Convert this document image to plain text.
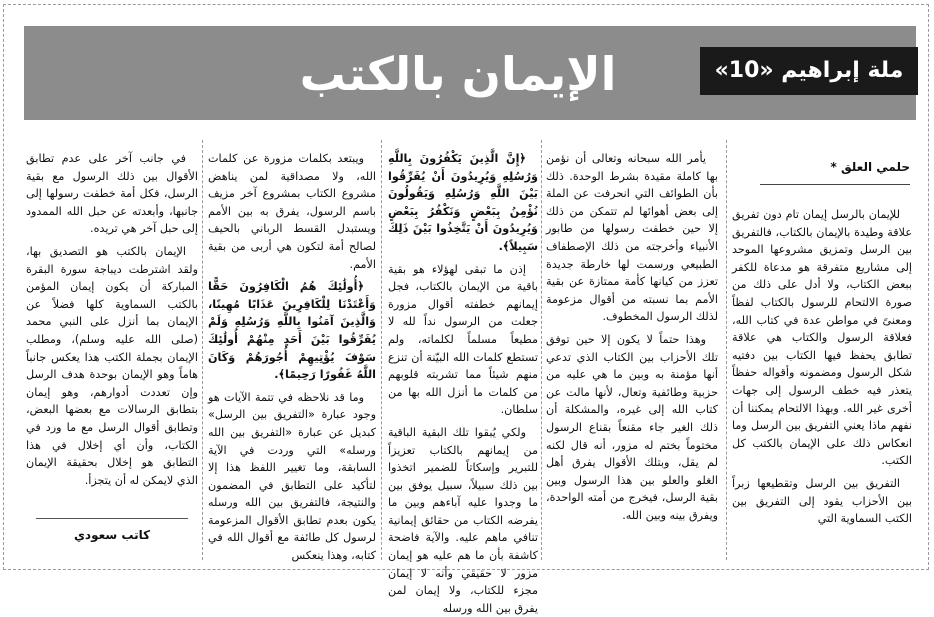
الإيمان بالكتب	ملة إبراهيم «10»
حلمي العلق *

للإيمان بالرسل إيمان تام دون تفريق علاقة وطيدة بالإيمان بالكتاب، فالتفريق بين الرسل وتمزيق مشروعها الموحد إلى مشاريع متفرقة هو مدعاة للكفر ببعض الكتاب، ولا أدل على ذلك من صورة الالتحام للرسول بالكتاب لفظاً ومعنىً في مواطن عدة في كتاب الله، فعلاقة الرسول والكتاب هي علاقة تطابق يحفظ فيها الكتاب بين دفتيه شكل الرسول ومضمونه وأقواله حفظاً يتعذر فيه خطف الرسول إلى جهات أخرى غير الله. وبهذا الالتحام يمكننا أن نفهم ماذا يعني التفريق بين الرسل وما انعكاس ذلك على الإيمان بالكتب كل الكتب.

التفريق بين الرسل وتقطيعها زبراً بين الأحزاب يقود إلى التفريق بين الكتب السماوية التي

يأمر الله سبحانه وتعالى أن نؤمن بها كاملة مقيدة بشرط الوحدة. ذلك بأن الطوائف التي انحرفت عن الملة إلى بعض أهوائها لم تتمكن من ذلك إلا حين خطفت رسولها من طابور الأنبياء وأخرجته من ذلك الإصطفاف الطبيعي ورسمت لها خارطة جديدة تعزز من كيانها كأمة ممتازة عن بقية الأمم بما نسبته من أقوال مزعومة لذلك الرسول المخطوف.

وهذا حتماً لا يكون إلا حين توفق تلك الأحزاب بين الكتاب الذي تدعي أنها مؤمنة به وبين ما هي عليه من حزبية وطائفية وتعال، لأنها مالت عن كتاب الله إلى غيره، والمشكلة أن ذلك الغير جاء مقنعاً بقناع الرسول مختوماً بختم له مزور، أنه قال لكنه لم يقل، وبتلك الأقوال يفرق أهل الغلو والعلو بين هذا الرسول وبين بقية الرسل، فيخرج من أمته الواحدة، ويفرق بينه وبين الله.

﴿إِنَّ الَّذِينَ يَكْفُرُونَ بِاللَّهِ وَرُسُلِهِ وَيُرِيدُونَ أَنْ يُفَرِّقُوا بَيْنَ اللَّهِ وَرُسُلِهِ وَيَقُولُونَ نُؤْمِنُ بِبَعْضٍ وَنَكْفُرُ بِبَعْضٍ وَيُرِيدُونَ أَنْ يَتَّخِذُوا بَيْنَ ذَلِكَ سَبِيلاً﴾.

إذن ما تبقى لهؤلاء هو بقية باقية من الإيمان بالكتاب، فجل إيمانهم خطفته أقوال مزورة جعلت من الرسول نداً لله لا مطيعاً مسلماً لكلماته، ولم تستطع كلمات الله البيّنة أن تنزع منهم شيئاً مما تشربته قلوبهم من كلمات ما أنزل الله بها من سلطان.

ولكي يُبقوا تلك البقية الباقية من إيمانهم بالكتاب تعزيزاً للتبرير وإسكاتاً للضمير اتخذوا بين ذلك سبيلاً، سبيل يوفق بين ما وجدوا عليه آباءهم وبين ما يفرضه الكتاب من حقائق إيمانية تنافي ماهم عليه. والآية فاضحة كاشفة بأن ما هم عليه هو إيمان مزور لا حقيقي وأنه لا إيمان مجزء للكتاب، ولا إيمان لمن يفرق بين الله ورسله

ويبتعد بكلمات مزورة عن كلمات الله، ولا مصداقية لمن يناهض مشروع الكتاب بمشروع آخر مزيف باسم الرسول، يفرق به بين الأمم ويستبدل القسط الرباني بالحيف لصالح أمة لتكون هي أربى من بقية الأمم.

﴿أُولَٰئِكَ هُمُ الْكَافِرُونَ حَقًّا وَأَعْتَدْنَا لِلْكَافِرِينَ عَذَابًا مُهِينًا، وَالَّذِينَ آمَنُوا بِاللَّهِ وَرُسُلِهِ وَلَمْ يُفَرِّقُوا بَيْنَ أَحَدٍ مِنْهُمْ أُولَٰئِكَ سَوْفَ يُؤْتِيهِمْ أُجُورَهُمْ وَكَانَ اللَّهُ غَفُورًا رَحِيمًا﴾.

وما قد نلاحظه في تتمة الآيات هو وجود عبارة «التفريق بين الرسل» كبديل عن عبارة «التفريق بين الله ورسله» التي وردت في الآية السابقة، وما تغيير اللفظ هذا إلا لتأكيد على التطابق في المضمون والنتيجة، فالتفريق بين الله ورسله يكون بعدم تطابق الأقوال المزعومة لرسول كل طائفة مع أقوال الله في كتابه، وهذا ينعكس

في جانب آخر على عدم تطابق الأقوال بين ذلك الرسول مع بقية الرسل، فكل أمة خطفت رسولها إلى جانبها، وأبعدته عن حبل الله الممدود إلى حبل آخر هي تريده.

الإيمان بالكتب هو التصديق بها، ولقد اشترطت ديباجة سورة البقرة المباركة أن يكون إيمان المؤمن بالكتب السماوية كلها فضلاً عن الإيمان بما أنزل على النبي محمد (صلى الله عليه وسلم)، ومطلب الإيمان بجملة الكتب هذا يعكس جانباً هاماً وهو الإيمان بوحدة هدف الرسل وإن تعددت أدوارهم، وهو إيمان بتطابق الرسالات مع بعضها البعض، وتطابق أقوال الرسل مع ما ورد في الكتاب، وأن أي إخلال في هذا التطابق هو إخلال بحقيقة الإيمان الذي لايمكن له أن يتجزأ.

كاتب سعودي
